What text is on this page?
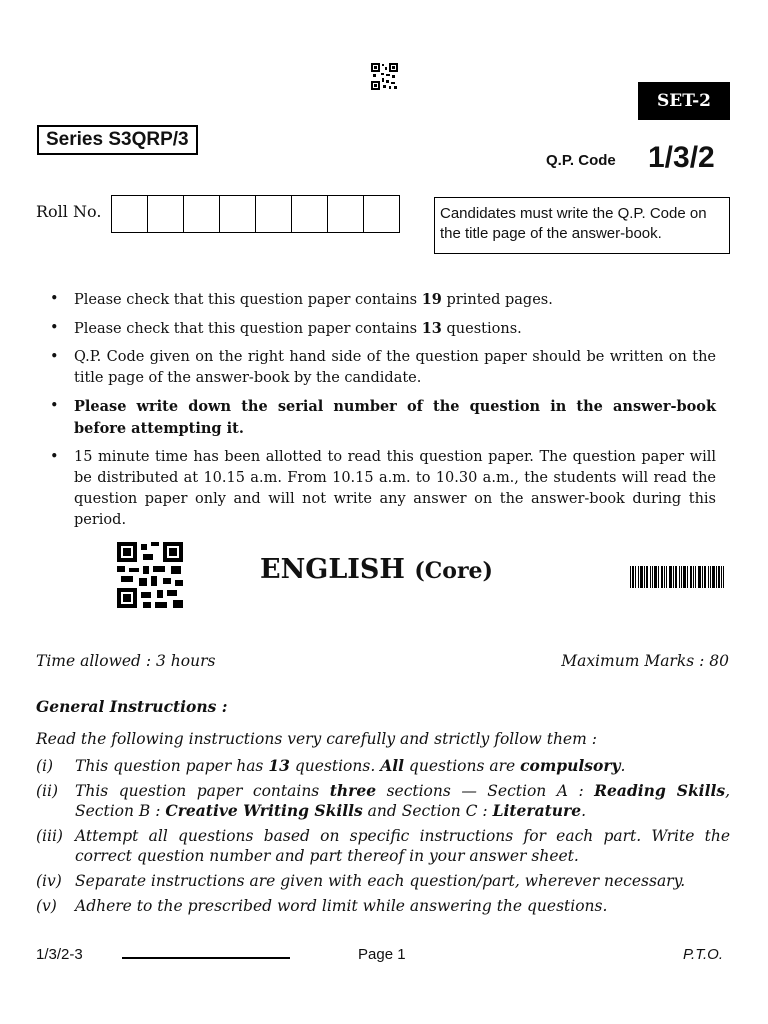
SET-2
Series S3QRP/3
Q.P. Code 1/3/2
Roll No.	Candidates must write the Q.P. Code on the title page of the answer-book.
• Please check that this question paper contains 19 printed pages.
• Please check that this question paper contains 13 questions.
• Q.P. Code given on the right hand side of the question paper should be written on the title page of the answer-book by the candidate.
• Please write down the serial number of the question in the answer-book before attempting it.
• 15 minute time has been allotted to read this question paper. The question paper will be distributed at 10.15 a.m. From 10.15 a.m. to 10.30 a.m., the students will read the question paper only and will not write any answer on the answer-book during this period.
ENGLISH (Core)
Time allowed : 3 hours	Maximum Marks : 80
General Instructions :
Read the following instructions very carefully and strictly follow them :
(i)	This question paper has 13 questions. All questions are compulsory.
(ii)	This question paper contains three sections — Section A : Reading Skills, Section B : Creative Writing Skills and Section C : Literature.
(iii) Attempt all questions based on specific instructions for each part. Write the correct question number and part thereof in your answer sheet.
(iv) Separate instructions are given with each question/part, wherever necessary.
(v)	Adhere to the prescribed word limit while answering the questions.
1/3/2-3	Page 1	P.T.O.
